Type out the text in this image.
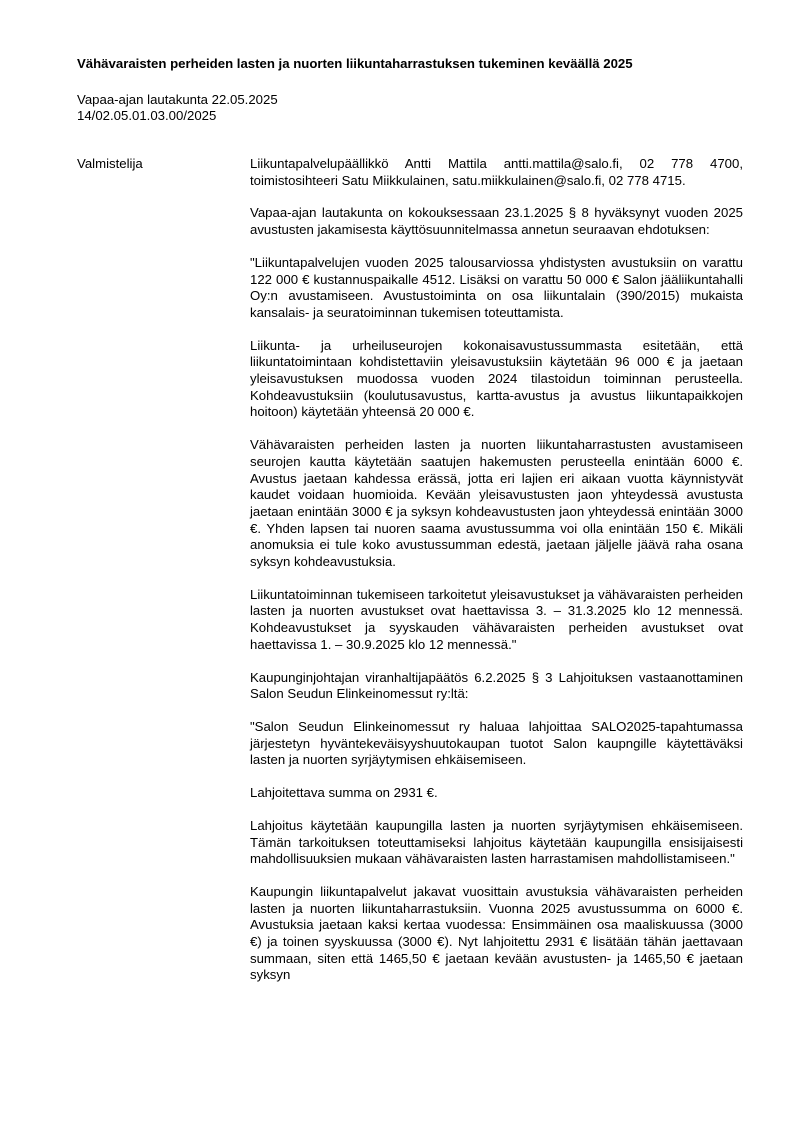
Vähävaraisten perheiden lasten ja nuorten liikuntaharrastuksen tukeminen keväällä 2025
Vapaa-ajan lautakunta 22.05.2025
14/02.05.01.03.00/2025
Valmistelija	Liikuntapalvelupäällikkö Antti Mattila antti.mattila@salo.fi, 02 778 4700, toimistosihteeri Satu Miikkulainen, satu.miikkulainen@salo.fi, 02 778 4715.

Vapaa-ajan lautakunta on kokouksessaan 23.1.2025 § 8 hyväksynyt vuoden 2025 avustusten jakamisesta käyttösuunnitelmassa annetun seuraavan ehdotuksen:

"Liikuntapalvelujen vuoden 2025 talousarviossa yhdistysten avustuksiin on varattu 122 000 € kustannuspaikalle 4512. Lisäksi on varattu 50 000 € Salon jääliikuntahalli Oy:n avustamiseen. Avustustoiminta on osa liikuntalain (390/2015) mukaista kansalais- ja seuratoiminnan tukemisen toteuttamista.

Liikunta- ja urheiluseurojen kokonaisavustussummasta esitetään, että liikuntatoimintaan kohdistettaviin yleisavustuksiin käytetään 96 000 € ja jaetaan yleisavustuksen muodossa vuoden 2024 tilastoidun toiminnan perusteella. Kohdeavustuksiin (koulutusavustus, kartta-avustus ja avustus liikuntapaikkojen hoitoon) käytetään yhteensä 20 000 €.

Vähävaraisten perheiden lasten ja nuorten liikuntaharrastusten avustamiseen seurojen kautta käytetään saatujen hakemusten perusteella enintään 6000 €. Avustus jaetaan kahdessa erässä, jotta eri lajien eri aikaan vuotta käynnistyvät kaudet voidaan huomioida. Kevään yleisavustusten jaon yhteydessä avustusta jaetaan enintään 3000 € ja syksyn kohdeavustusten jaon yhteydessä enintään 3000 €. Yhden lapsen tai nuoren saama avustussumma voi olla enintään 150 €. Mikäli anomuksia ei tule koko avustussumman edestä, jaetaan jäljelle jäävä raha osana syksyn kohdeavustuksia.

Liikuntatoiminnan tukemiseen tarkoitetut yleisavustukset ja vähävaraisten perheiden lasten ja nuorten avustukset ovat haettavissa 3. – 31.3.2025 klo 12 mennessä. Kohdeavustukset ja syyskauden vähävaraisten perheiden avustukset ovat haettavissa 1. – 30.9.2025 klo 12 mennessä."

Kaupunginjohtajan viranhaltijapäätös 6.2.2025 § 3 Lahjoituksen vastaanottaminen Salon Seudun Elinkeinomessut ry:ltä:

"Salon Seudun Elinkeinomessut ry haluaa lahjoittaa SALO2025-tapahtumassa järjestetyn hyväntekeväisyyshuutokaupan tuotot Salon kaupngille käytettäväksi lasten ja nuorten syrjäytymisen ehkäisemiseen.

Lahjoitettava summa on 2931 €.

Lahjoitus käytetään kaupungilla lasten ja nuorten syrjäytymisen ehkäisemiseen. Tämän tarkoituksen toteuttamiseksi lahjoitus käytetään kaupungilla ensisijaisesti mahdollisuuksien mukaan vähävaraisten lasten harrastamisen mahdollistamiseen."

Kaupungin liikuntapalvelut jakavat vuosittain avustuksia vähävaraisten perheiden lasten ja nuorten liikuntaharrastuksiin. Vuonna 2025 avustussumma on 6000 €. Avustuksia jaetaan kaksi kertaa vuodessa: Ensimmäinen osa maaliskuussa (3000 €) ja toinen syyskuussa (3000 €). Nyt lahjoitettu 2931 € lisätään tähän jaettavaan summaan, siten että 1465,50 € jaetaan kevään avustusten- ja 1465,50 € jaetaan syksyn
